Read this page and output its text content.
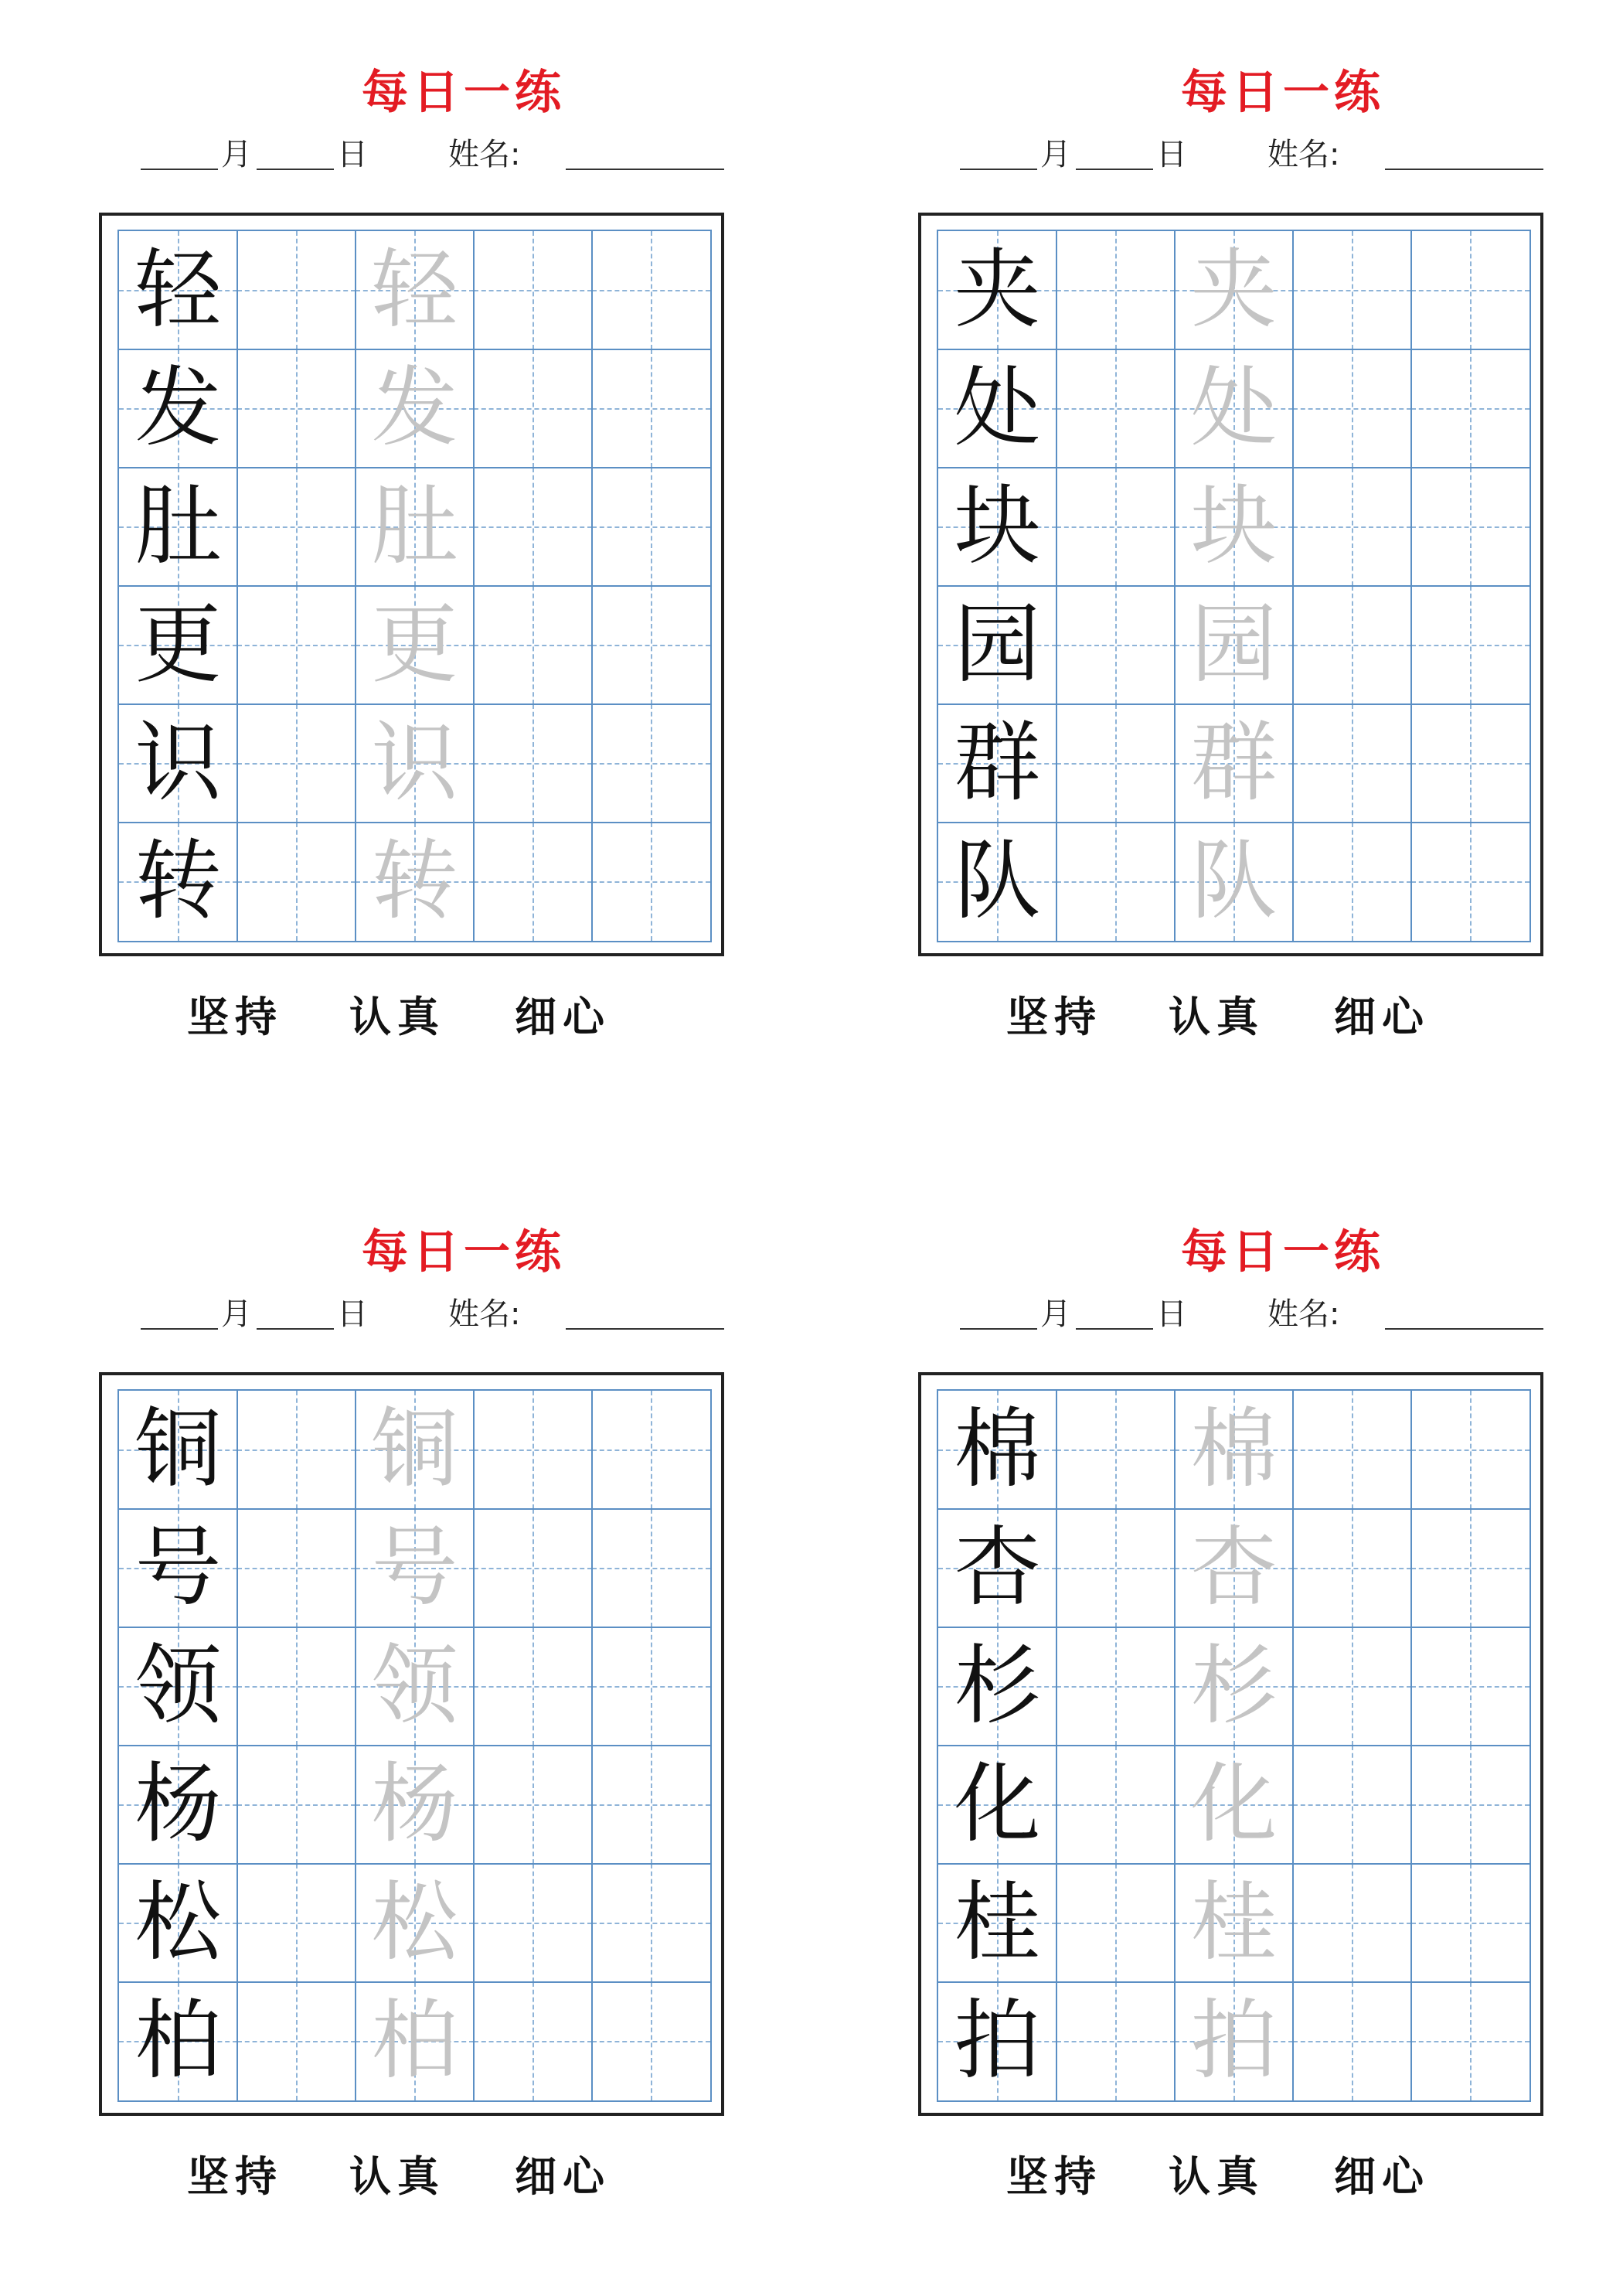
每日一练
月	日	姓名:
轻 轻
发 发
肚 肚
更 更
识 识
转 转
坚持 认真 细心
每日一练
月	日	姓名:
夹 夹
处 处
块 块
园 园
群 群
队 队
坚持 认真 细心
每日一练
月	日	姓名:
铜 铜
号 号
领 领
杨 杨
松 松
柏 柏
坚持 认真 细心
每日一练
月	日	姓名:
棉 棉
杏 杏
杉 杉
化 化
桂 桂
拍 拍
坚持 认真 细心
